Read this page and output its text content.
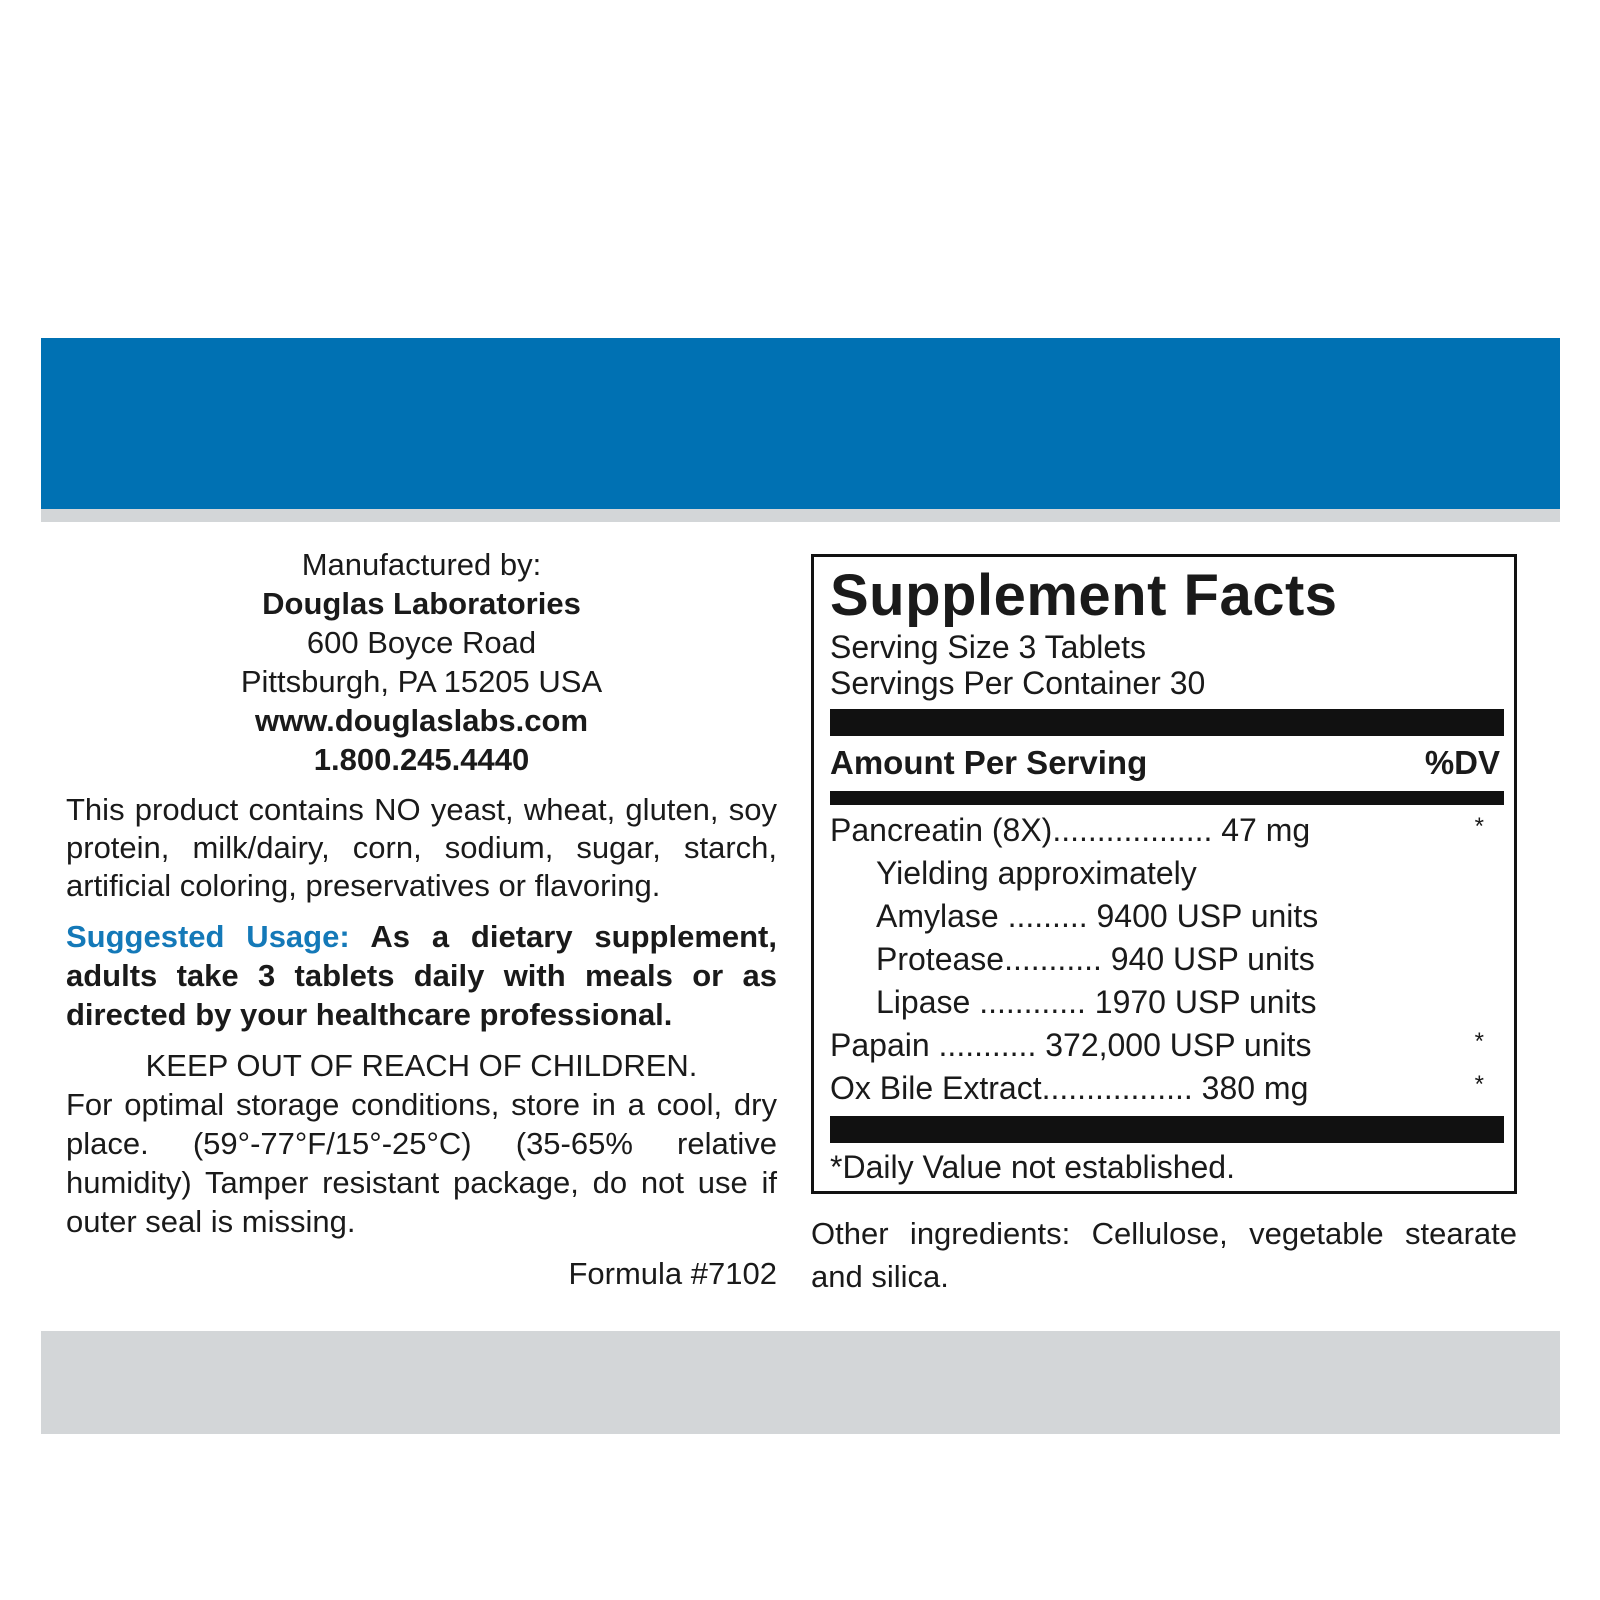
Manufactured by:
Douglas Laboratories
600 Boyce Road
Pittsburgh, PA 15205 USA
www.douglaslabs.com
1.800.245.4440
This product contains NO yeast, wheat, gluten, soy protein, milk/dairy, corn, sodium, sugar, starch, artificial coloring, preservatives or flavoring.
Suggested Usage: As a dietary supplement, adults take 3 tablets daily with meals or as directed by your healthcare professional.
KEEP OUT OF REACH OF CHILDREN.
For optimal storage conditions, store in a cool, dry place. (59°-77°F/15°-25°C) (35-65% relative humidity) Tamper resistant package, do not use if outer seal is missing.
Formula #7102
Supplement Facts
Serving Size 3 Tablets
Servings Per Container 30
Amount Per Serving	%DV
Pancreatin (8X).................. 47 mg	*
Yielding approximately
Amylase ......... 9400 USP units
Protease........... 940 USP units
Lipase ............ 1970 USP units
Papain ........... 372,000 USP units	*
Ox Bile Extract................. 380 mg	*
*Daily Value not established.
Other ingredients: Cellulose, vegetable stearate and silica.
